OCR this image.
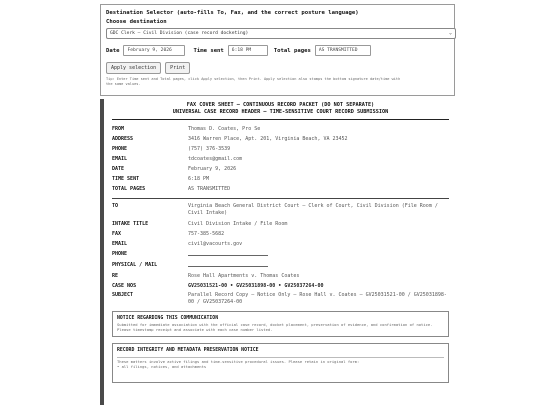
Destination Selector (auto-fills To, Fax, and the correct posture language)
Choose destination
GDC Clerk — Civil Division (case record docketing)	⌄
Date	February 9, 2026	Time sent	6:18 PM	Total pages	AS TRANSMITTED
Apply selection	Print
Tip: Enter Time sent and Total pages, click Apply selection, then Print. Apply selection also stamps the bottom signature date/time with the same values.
FAX COVER SHEET — CONTINUOUS RECORD PACKET (DO NOT SEPARATE)
UNIVERSAL CASE RECORD HEADER — TIME-SENSITIVE COURT RECORD SUBMISSION
FROM	Thomas D. Coates, Pro Se
ADDRESS	3416 Warren Place, Apt. 201, Virginia Beach, VA 23452
PHONE	(757) 376-3539
EMAIL	tdcoates@gmail.com
DATE	February 9, 2026
TIME SENT	6:18 PM
TOTAL PAGES	AS TRANSMITTED
TO	Virginia Beach General District Court — Clerk of Court, Civil Division (File Room / Civil Intake)
INTAKE TITLE	Civil Division Intake / File Room
FAX	757-385-5682
EMAIL	civil@vacourts.gov
PHONE
PHYSICAL / MAIL
RE	Rose Hall Apartments v. Thomas Coates
CASE NOS	GV25031521-00 • GV25031898-00 • GV25037264-00
SUBJECT	Parallel Record Copy — Notice Only — Rose Hall v. Coates — GV25031521-00 / GV25031898-00 / GV25037264-00
NOTICE REGARDING THIS COMMUNICATION
Submitted for immediate association with the official case record, docket placement, preservation of evidence, and confirmation of notice. Please timestamp receipt and associate with each case number listed.
RECORD INTEGRITY AND METADATA PRESERVATION NOTICE
These matters involve active filings and time-sensitive procedural issues. Please retain in original form:
• all filings, notices, and attachments
